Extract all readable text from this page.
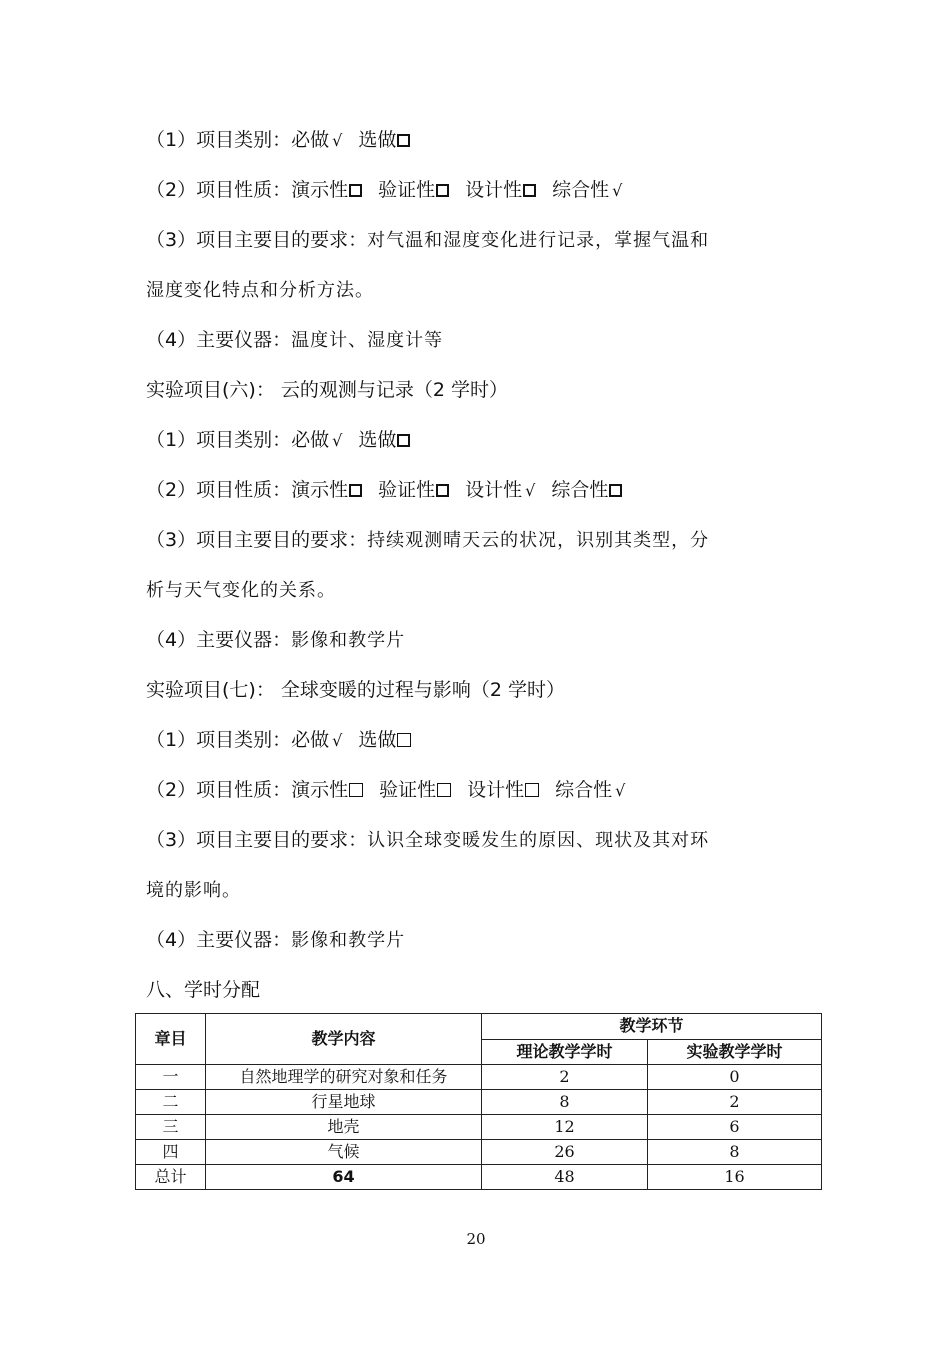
（1）项目类别：必做 √ 选做
（2）项目性质：演示性 验证性 设计性 综合性 √
（3）项目主要目的要求：对气温和湿度变化进行记录，掌握气温和
湿度变化特点和分析方法。
（4）主要仪器：温度计、湿度计等
实验项目(六)： 云的观测与记录（2 学时）
（1）项目类别：必做 √ 选做
（2）项目性质：演示性 验证性 设计性 √ 综合性
（3）项目主要目的要求：持续观测晴天云的状况，识别其类型，分
析与天气变化的关系。
（4）主要仪器：影像和教学片
实验项目(七)： 全球变暖的过程与影响（2 学时）
（1）项目类别：必做 √ 选做
（2）项目性质：演示性 验证性 设计性 综合性 √
（3）项目主要目的要求：认识全球变暖发生的原因、现状及其对环
境的影响。
（4）主要仪器：影像和教学片
八、学时分配
章目	教学内容	教学环节	
		理论教学学时	实验教学学时
一	自然地理学的研究对象和任务	2	0
二	行星地球	8	2
三	地壳	12	6
四	气候	26	8
总计	64	48	16
20
